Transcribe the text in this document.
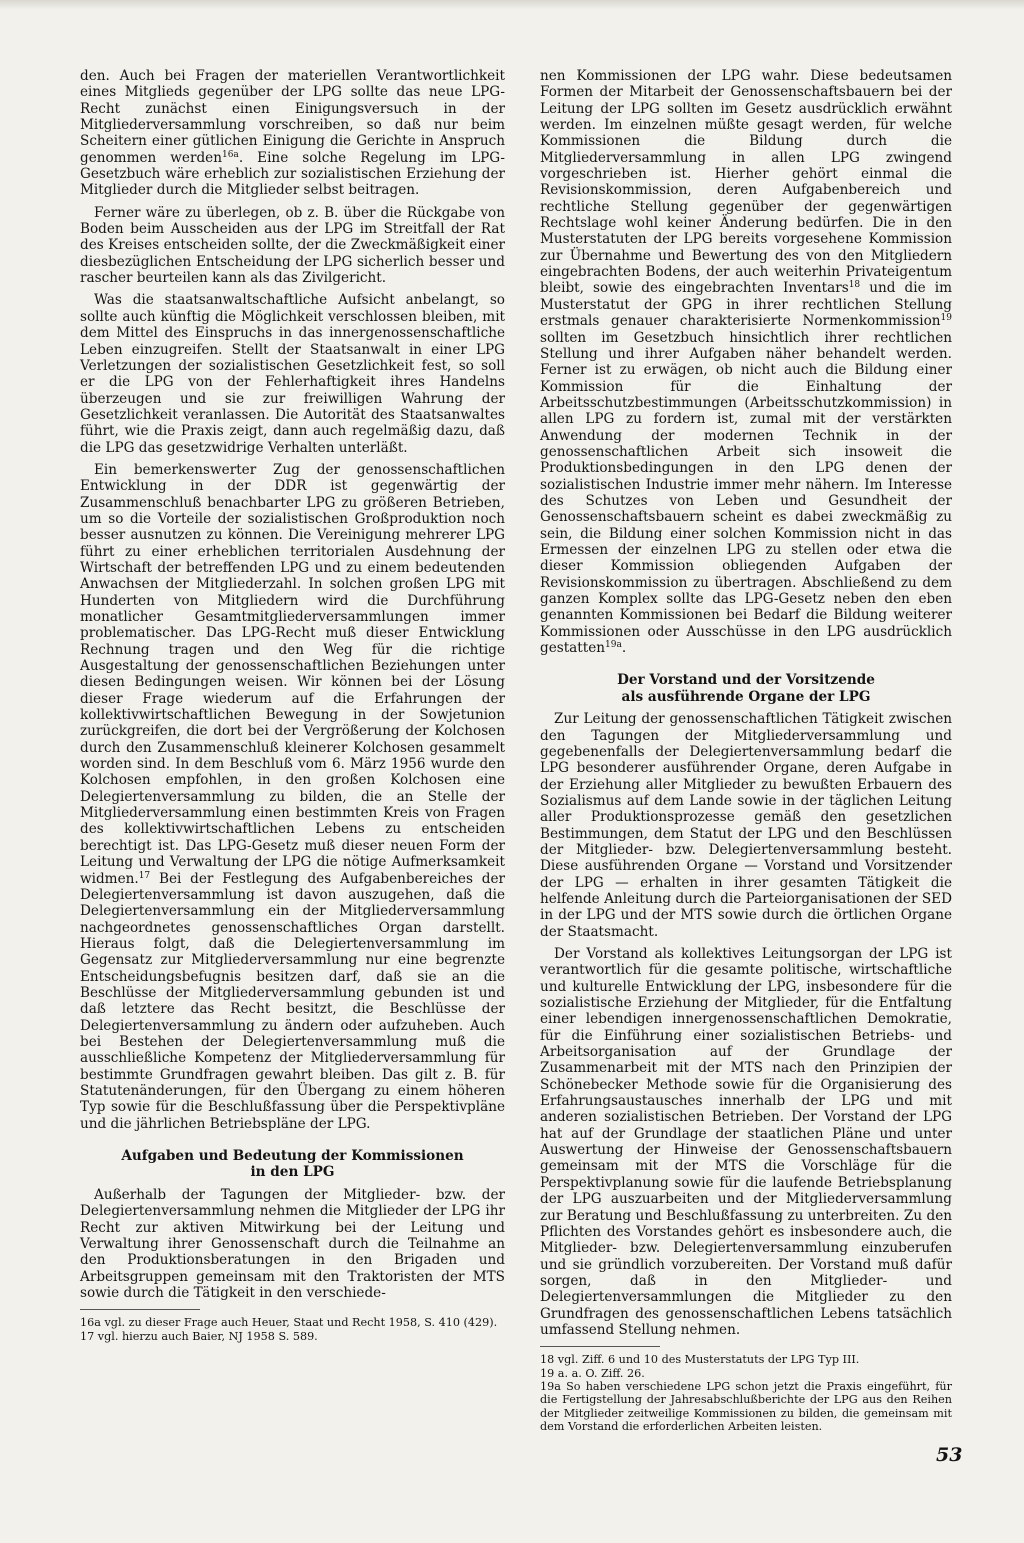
den. Auch bei Fragen der materiellen Verantwortlichkeit eines Mitglieds gegenüber der LPG sollte das neue LPG-Recht zunächst einen Einigungsversuch in der Mitgliederversammlung vorschreiben, so daß nur beim Scheitern einer gütlichen Einigung die Gerichte in Anspruch genommen werden$^{16a}$. Eine solche Regelung im LPG-Gesetzbuch wäre erheblich zur sozialistischen Erziehung der Mitglieder durch die Mitglieder selbst beitragen.

Ferner wäre zu überlegen, ob z. B. über die Rückgabe von Boden beim Ausscheiden aus der LPG im Streitfall der Rat des Kreises entscheiden sollte, der die Zweckmäßigkeit einer diesbezüglichen Entscheidung der LPG sicherlich besser und rascher beurteilen kann als das Zivilgericht.

Was die staatsanwaltschaftliche Aufsicht anbelangt, so sollte auch künftig die Möglichkeit verschlossen bleiben, mit dem Mittel des Einspruchs in das innergenossenschaftliche Leben einzugreifen. Stellt der Staatsanwalt in einer LPG Verletzungen der sozialistischen Gesetzlichkeit fest, so soll er die LPG von der Fehlerhaftigkeit ihres Handelns überzeugen und sie zur freiwilligen Wahrung der Gesetzlichkeit veranlassen. Die Autorität des Staatsanwaltes führt, wie die Praxis zeigt, dann auch regelmäßig dazu, daß die LPG das gesetzwidrige Verhalten unterläßt.

Ein bemerkenswerter Zug der genossenschaftlichen Entwicklung in der DDR ist gegenwärtig der Zusammenschluß benachbarter LPG zu größeren Betrieben, um so die Vorteile der sozialistischen Großproduktion noch besser ausnutzen zu können. Die Vereinigung mehrerer LPG führt zu einer erheblichen territorialen Ausdehnung der Wirtschaft der betreffenden LPG und zu einem bedeutenden Anwachsen der Mitgliederzahl. In solchen großen LPG mit Hunderten von Mitgliedern wird die Durchführung monatlicher Gesamtmitgliederversammlungen immer problematischer. Das LPG-Recht muß dieser Entwicklung Rechnung tragen und den Weg für die richtige Ausgestaltung der genossenschaftlichen Beziehungen unter diesen Bedingungen weisen. Wir können bei der Lösung dieser Frage wiederum auf die Erfahrungen der kollektivwirtschaftlichen Bewegung in der Sowjetunion zurückgreifen, die dort bei der Vergrößerung der Kolchosen durch den Zusammenschluß kleinerer Kolchosen gesammelt worden sind. In dem Beschluß vom 6. März 1956 wurde den Kolchosen empfohlen, in den großen Kolchosen eine Delegiertenversammlung zu bilden, die an Stelle der Mitgliederversammlung einen bestimmten Kreis von Fragen des kollektivwirtschaftlichen Lebens zu entscheiden berechtigt ist. Das LPG-Gesetz muß dieser neuen Form der Leitung und Verwaltung der LPG die nötige Aufmerksamkeit widmen.$^{17}$ Bei der Festlegung des Aufgabenbereiches der Delegiertenversammlung ist davon auszugehen, daß die Delegiertenversammlung ein der Mitgliederversammlung nachgeordnetes genossenschaftliches Organ darstellt. Hieraus folgt, daß die Delegiertenversammlung im Gegensatz zur Mitgliederversammlung nur eine begrenzte Entscheidungsbefugnis besitzen darf, daß sie an die Beschlüsse der Mitgliederversammlung gebunden ist und daß letztere das Recht besitzt, die Beschlüsse der Delegiertenversammlung zu ändern oder aufzuheben. Auch bei Bestehen der Delegiertenversammlung muß die ausschließliche Kompetenz der Mitgliederversammlung für bestimmte Grundfragen gewahrt bleiben. Das gilt z. B. für Statutenänderungen, für den Übergang zu einem höheren Typ sowie für die Beschlußfassung über die Perspektivpläne und die jährlichen Betriebspläne der LPG.

Aufgaben und Bedeutung der Kommissionen
in den LPG

Außerhalb der Tagungen der Mitglieder- bzw. der Delegiertenversammlung nehmen die Mitglieder der LPG ihr Recht zur aktiven Mitwirkung bei der Leitung und Verwaltung ihrer Genossenschaft durch die Teilnahme an den Produktionsberatungen in den Brigaden und Arbeitsgruppen gemeinsam mit den Traktoristen der MTS sowie durch die Tätigkeit in den verschiede-

16a vgl. zu dieser Frage auch Heuer, Staat und Recht 1958, S. 410 (429).

17 vgl. hierzu auch Baier, NJ 1958 S. 589.

nen Kommissionen der LPG wahr. Diese bedeutsamen Formen der Mitarbeit der Genossenschaftsbauern bei der Leitung der LPG sollten im Gesetz ausdrücklich erwähnt werden. Im einzelnen müßte gesagt werden, für welche Kommissionen die Bildung durch die Mitgliederversammlung in allen LPG zwingend vorgeschrieben ist. Hierher gehört einmal die Revisionskommission, deren Aufgabenbereich und rechtliche Stellung gegenüber der gegenwärtigen Rechtslage wohl keiner Änderung bedürfen. Die in den Musterstatuten der LPG bereits vorgesehene Kommission zur Übernahme und Bewertung des von den Mitgliedern eingebrachten Bodens, der auch weiterhin Privateigentum bleibt, sowie des eingebrachten Inventars$^{18}$ und die im Musterstatut der GPG in ihrer rechtlichen Stellung erstmals genauer charakterisierte Normenkommission$^{19}$ sollten im Gesetzbuch hinsichtlich ihrer rechtlichen Stellung und ihrer Aufgaben näher behandelt werden. Ferner ist zu erwägen, ob nicht auch die Bildung einer Kommission für die Einhaltung der Arbeitsschutzbestimmungen (Arbeitsschutzkommission) in allen LPG zu fordern ist, zumal mit der verstärkten Anwendung der modernen Technik in der genossenschaftlichen Arbeit sich insoweit die Produktionsbedingungen in den LPG denen der sozialistischen Industrie immer mehr nähern. Im Interesse des Schutzes von Leben und Gesundheit der Genossenschaftsbauern scheint es dabei zweckmäßig zu sein, die Bildung einer solchen Kommission nicht in das Ermessen der einzelnen LPG zu stellen oder etwa die dieser Kommission obliegenden Aufgaben der Revisionskommission zu übertragen. Abschließend zu dem ganzen Komplex sollte das LPG-Gesetz neben den eben genannten Kommissionen bei Bedarf die Bildung weiterer Kommissionen oder Ausschüsse in den LPG ausdrücklich gestatten$^{19a}$.

Der Vorstand und der Vorsitzende
als ausführende Organe der LPG

Zur Leitung der genossenschaftlichen Tätigkeit zwischen den Tagungen der Mitgliederversammlung und gegebenenfalls der Delegiertenversammlung bedarf die LPG besonderer ausführender Organe, deren Aufgabe in der Erziehung aller Mitglieder zu bewußten Erbauern des Sozialismus auf dem Lande sowie in der täglichen Leitung aller Produktionsprozesse gemäß den gesetzlichen Bestimmungen, dem Statut der LPG und den Beschlüssen der Mitglieder- bzw. Delegiertenversammlung besteht. Diese ausführenden Organe — Vorstand und Vorsitzender der LPG — erhalten in ihrer gesamten Tätigkeit die helfende Anleitung durch die Parteiorganisationen der SED in der LPG und der MTS sowie durch die örtlichen Organe der Staatsmacht.

Der Vorstand als kollektives Leitungsorgan der LPG ist verantwortlich für die gesamte politische, wirtschaftliche und kulturelle Entwicklung der LPG, insbesondere für die sozialistische Erziehung der Mitglieder, für die Entfaltung einer lebendigen innergenossenschaftlichen Demokratie, für die Einführung einer sozialistischen Betriebs- und Arbeitsorganisation auf der Grundlage der Zusammenarbeit mit der MTS nach den Prinzipien der Schönebecker Methode sowie für die Organisierung des Erfahrungsaustausches innerhalb der LPG und mit anderen sozialistischen Betrieben. Der Vorstand der LPG hat auf der Grundlage der staatlichen Pläne und unter Auswertung der Hinweise der Genossenschaftsbauern gemeinsam mit der MTS die Vorschläge für die Perspektivplanung sowie für die laufende Betriebsplanung der LPG auszuarbeiten und der Mitgliederversammlung zur Beratung und Beschlußfassung zu unterbreiten. Zu den Pflichten des Vorstandes gehört es insbesondere auch, die Mitglieder- bzw. Delegiertenversammlung einzuberufen und sie gründlich vorzubereiten. Der Vorstand muß dafür sorgen, daß in den Mitglieder- und Delegiertenversammlungen die Mitglieder zu den Grundfragen des genossenschaftlichen Lebens tatsächlich umfassend Stellung nehmen.

18 vgl. Ziff. 6 und 10 des Musterstatuts der LPG Typ III.

19 a. a. O. Ziff. 26.

19a So haben verschiedene LPG schon jetzt die Praxis eingeführt, für die Fertigstellung der Jahresabschlußberichte der LPG aus den Reihen der Mitglieder zeitweilige Kommissionen zu bilden, die gemeinsam mit dem Vorstand die erforderlichen Arbeiten leisten.

53
